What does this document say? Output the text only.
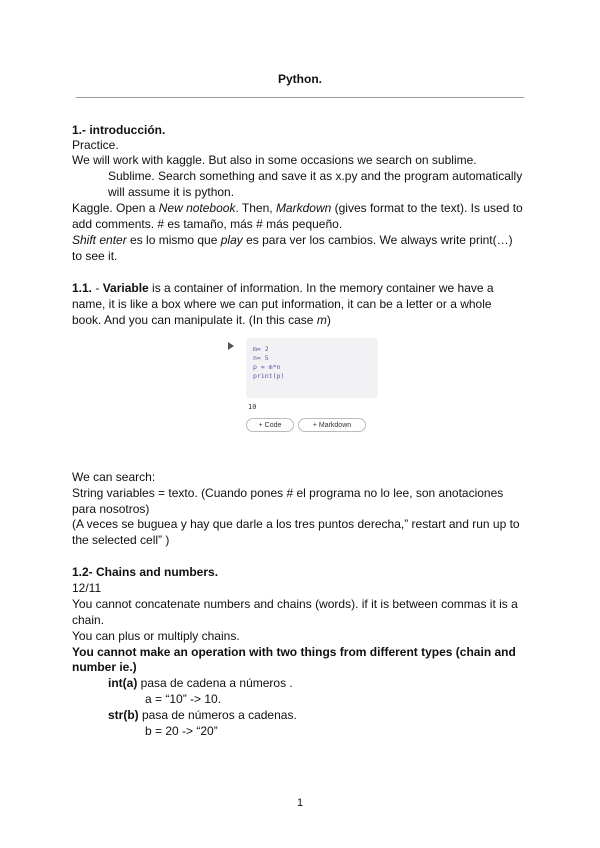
Python.
1.- introducción.
Practice.
We will work with kaggle. But also in some occasions we search on sublime.
Sublime. Search something and save it as x.py and the program automatically
will assume it is python.
Kaggle. Open a New notebook. Then, Markdown (gives format to the text). Is used to
add comments. # es tamaño, más # más pequeño.
Shift enter es lo mismo que play es para ver los cambios. We always write print(…)
to see it.
1.1. - Variable is a container of information. In the memory container we have a
name, it is like a box where we can put information, it can be a letter or a whole
book. And you can manipulate it. (In this case m)
m= 2
n= 5
p = m*n
print(p)
10
+ Code	+ Markdown
We can search:
String variables = texto. (Cuando pones # el programa no lo lee, son anotaciones
para nosotros)
(A veces se buguea y hay que darle a los tres puntos derecha,” restart and run up to
the selected cell” )
1.2- Chains and numbers.
12/11
You cannot concatenate numbers and chains (words). if it is between commas it is a
chain.
You can plus or multiply chains.
You cannot make an operation with two things from different types (chain and
number ie.)
int(a) pasa de cadena a números .
a = “10” -> 10.
str(b) pasa de números a cadenas.
b = 20 -> “20”
1
